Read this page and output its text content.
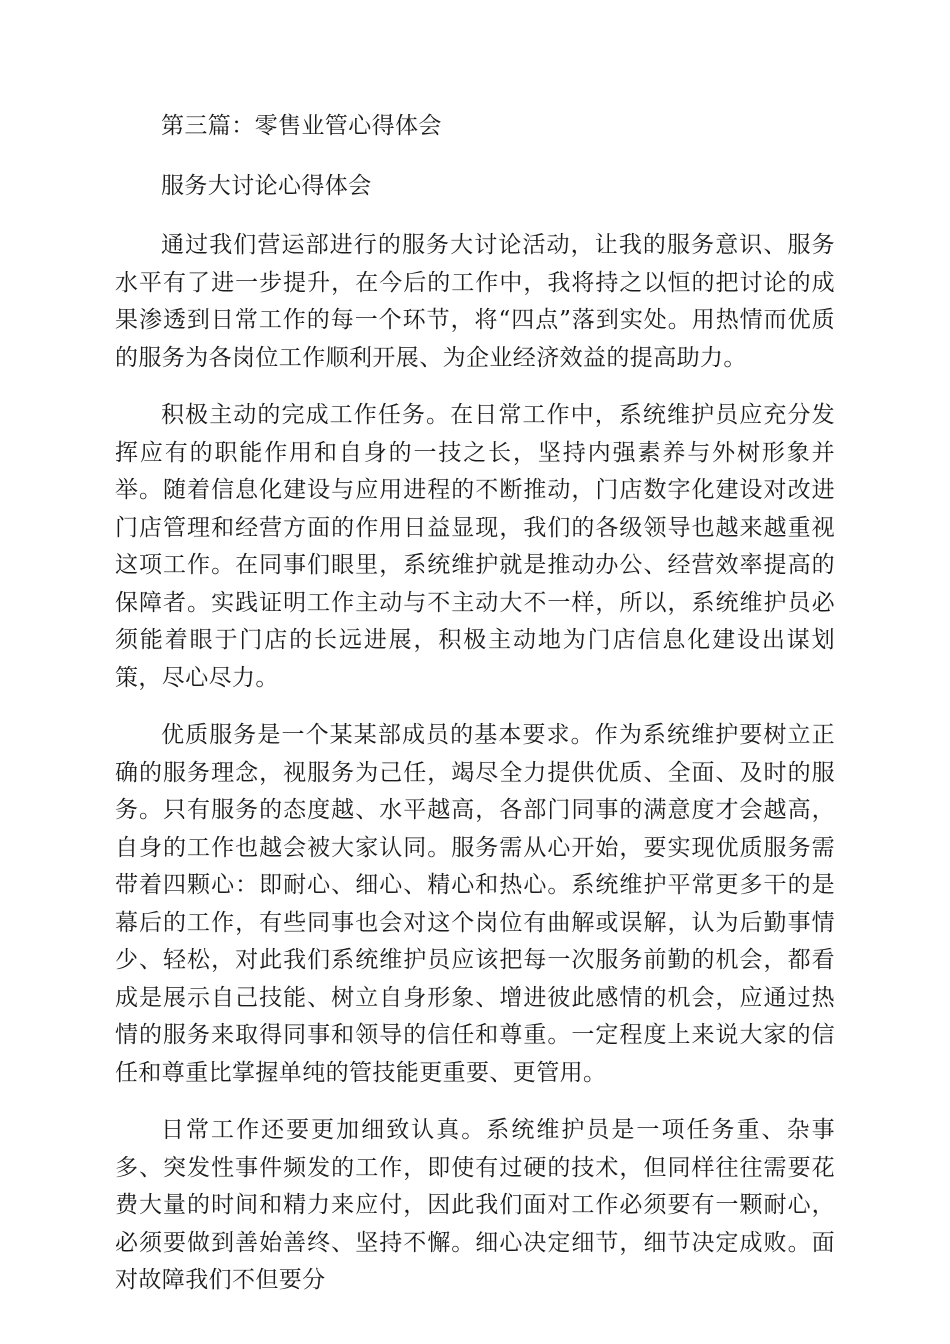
第三篇：零售业管心得体会

服务大讨论心得体会

通过我们营运部进行的服务大讨论活动，让我的服务意识、服务水平有了进一步提升，在今后的工作中，我将持之以恒的把讨论的成果渗透到日常工作的每一个环节，将“四点”落到实处。用热情而优质的服务为各岗位工作顺利开展、为企业经济效益的提高助力。

积极主动的完成工作任务。在日常工作中，系统维护员应充分发挥应有的职能作用和自身的一技之长，坚持内强素养与外树形象并举。随着信息化建设与应用进程的不断推动，门店数字化建设对改进门店管理和经营方面的作用日益显现，我们的各级领导也越来越重视这项工作。在同事们眼里，系统维护就是推动办公、经营效率提高的保障者。实践证明工作主动与不主动大不一样，所以，系统维护员必须能着眼于门店的长远进展，积极主动地为门店信息化建设出谋划策，尽心尽力。

优质服务是一个某某部成员的基本要求。作为系统维护要树立正确的服务理念，视服务为己任，竭尽全力提供优质、全面、及时的服务。只有服务的态度越、水平越高，各部门同事的满意度才会越高，自身的工作也越会被大家认同。服务需从心开始，要实现优质服务需带着四颗心：即耐心、细心、精心和热心。系统维护平常更多干的是幕后的工作，有些同事也会对这个岗位有曲解或误解，认为后勤事情少、轻松，对此我们系统维护员应该把每一次服务前勤的机会，都看成是展示自己技能、树立自身形象、增进彼此感情的机会，应通过热情的服务来取得同事和领导的信任和尊重。一定程度上来说大家的信任和尊重比掌握单纯的管技能更重要、更管用。

日常工作还要更加细致认真。系统维护员是一项任务重、杂事多、突发性事件频发的工作，即使有过硬的技术，但同样往往需要花费大量的时间和精力来应付，因此我们面对工作必须要有一颗耐心，必须要做到善始善终、坚持不懈。细心决定细节，细节决定成败。面对故障我们不但要分
